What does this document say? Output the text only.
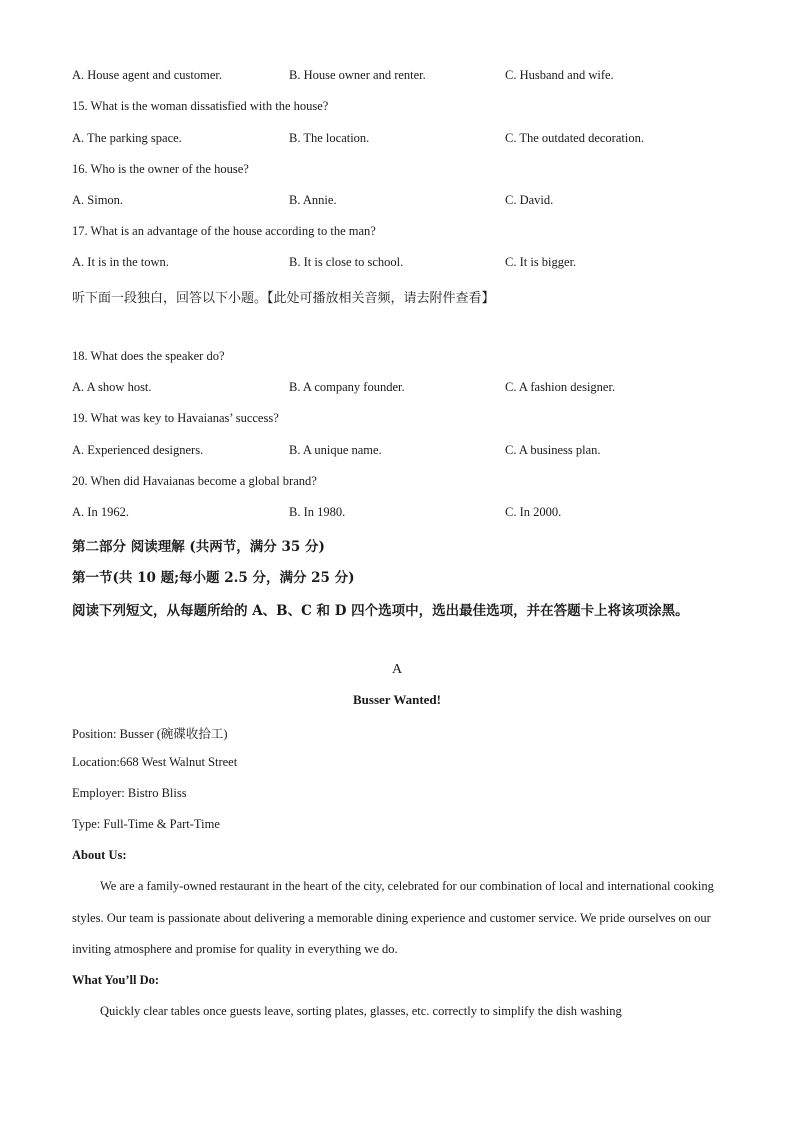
A. House agent and customer.	B. House owner and renter.	C. Husband and wife.
15. What is the woman dissatisfied with the house?
A. The parking space.	B. The location.	C. The outdated decoration.
16. Who is the owner of the house?
A. Simon.	B. Annie.	C. David.
17. What is an advantage of the house according to the man?
A. It is in the town.	B. It is close to school.	C. It is bigger.
听下面一段独白，回答以下小题。【此处可播放相关音频，请去附件查看】
18. What does the speaker do?
A. A show host.	B. A company founder.	C. A fashion designer.
19. What was key to Havaianas’ success?
A. Experienced designers.	B. A unique name.	C. A business plan.
20. When did Havaianas become a global brand?
A. In 1962.	B. In 1980.	C. In 2000.
第二部分 阅读理解 (共两节，满分 35 分)
第一节(共 10 题;每小题 2.5 分，满分 25 分)
阅读下列短文，从每题所给的 A、B、C 和 D 四个选项中，选出最佳选项，并在答题卡上将该项涂黑。
A
Busser Wanted!
Position: Busser (碗碟收拾工)
Location:668 West Walnut Street
Employer: Bistro Bliss
Type: Full-Time & Part-Time
About Us:
We are a family-owned restaurant in the heart of the city, celebrated for our combination of local and international cooking styles. Our team is passionate about delivering a memorable dining experience and customer service. We pride ourselves on our inviting atmosphere and promise for quality in everything we do.
What You’ll Do:
Quickly clear tables once guests leave, sorting plates, glasses, etc. correctly to simplify the dish washing
